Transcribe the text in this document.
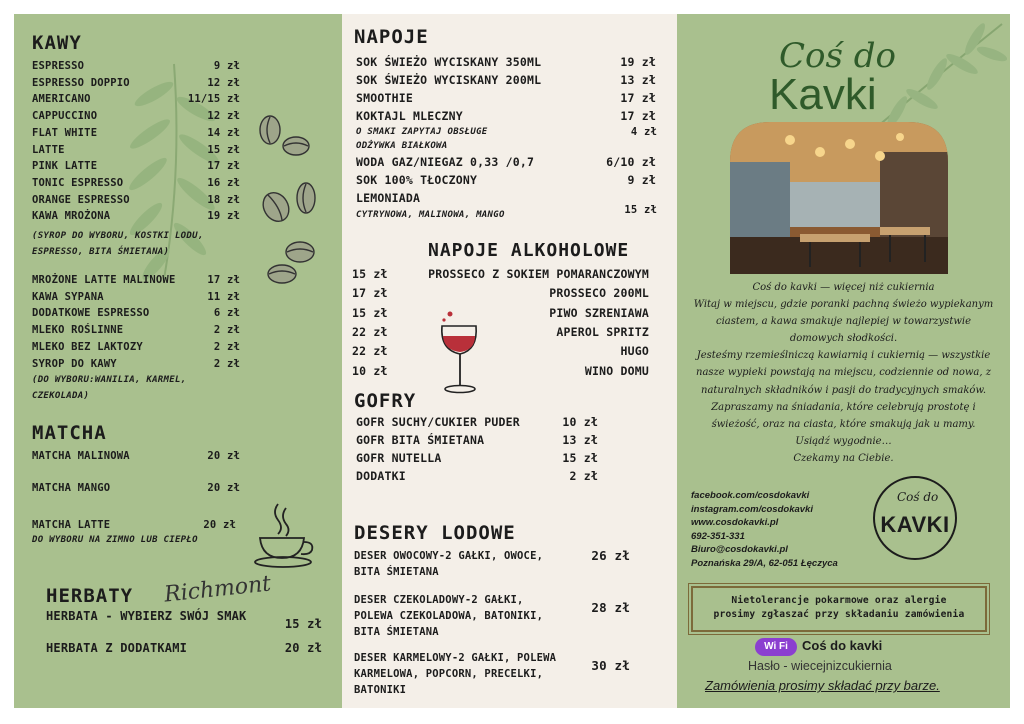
KAWY
(SYROP DO WYBORU, KOSTKI LODU, ESPRESSO, BITA ŚMIETANA)
(DO WYBORU:WANILIA, KARMEL, CZEKOLADA)
MATCHA
MATCHA MALINOWA	20 zł
MATCHA MANGO	20 zł
MATCHA LATTE	20 zł
DO WYBORU NA ZIMNO LUB CIEPŁO
Richmont
HERBATY
HERBATA - WYBIERZ SWÓJ SMAK
15 zł
HERBATA Z DODATKAMI	20 zł
ESPRESSO	9 zł
ESPRESSO DOPPIO	12 zł
AMERICANO	11/15 zł
CAPPUCCINO	12 zł
FLAT WHITE	14 zł
LATTE	15 zł
PINK LATTE	17 zł
TONIC ESPRESSO	16 zł
ORANGE ESPRESSO	18 zł
KAWA MROŻONA	19 zł
MROŻONE LATTE MALINOWE	17 zł
KAWA SYPANA	11 zł
DODATKOWE ESPRESSO	6 zł
MLEKO ROŚLINNE	2 zł
MLEKO BEZ LAKTOZY	2 zł
SYROP DO KAWY	2 zł
NAPOJE
O SMAKI ZAPYTAJ OBSŁUGE	4 zł
ODŻYWKA BIAŁKOWA
CYTRYNOWA, MALINOWA, MANGO	15 zł
NAPOJE ALKOHOLOWE
GOFRY
DESERY LODOWE
SOK ŚWIEŻO WYCISKANY 350ML	19 zł
SOK ŚWIEŻO WYCISKANY 200ML	13 zł
SMOOTHIE	17 zł
KOKTAJL MLECZNY	17 zł
WODA GAZ/NIEGAZ 0,33 /0,7	6/10 zł
SOK 100% TŁOCZONY	9 zł
LEMONIADA
15 zł	PROSSECO Z SOKIEM POMARANCZOWYM
17 zł	PROSSECO 200ML
15 zł	PIWO SZRENIAWA
22 zł	APEROL SPRITZ
22 zł	HUGO
10 zł	WINO DOMU
GOFR SUCHY/CUKIER PUDER	10 zł
GOFR BITA ŚMIETANA	13 zł
GOFR NUTELLA	15 zł
DODATKI	2 zł
DESER OWOCOWY-2 GAŁKI, OWOCE,
BITA ŚMIETANA
26 zł
DESER CZEKOLADOWY-2 GAŁKI,
POLEWA CZEKOLADOWA, BATONIKI,
BITA ŚMIETANA
28 zł
DESER KARMELOWY-2 GAŁKI, POLEWA
KARMELOWA, POPCORN, PRECELKI,
BATONIKI
30 zł
Coś do
Kavki
Coś do kavki — więcej niż cukiernia
Witaj w miejscu, gdzie poranki pachną świeżo wypiekanym
ciastem, a kawa smakuje najlepiej w towarzystwie
domowych słodkości.
Jesteśmy rzemieślniczą kawiarnią i cukiernią — wszystkie
nasze wypieki powstają na miejscu, codziennie od nowa, z
naturalnych składników i pasji do tradycyjnych smaków.
Zapraszamy na śniadania, które celebrują prostotę i
świeżość, oraz na ciasta, które smakują jak u mamy.
Usiądź wygodnie…
Czekamy na Ciebie.
facebook.com/cosdokavki
instagram.com/cosdokavki
www.cosdokavki.pl
692-351-331
Biuro@cosdokavki.pl
Poznańska 29/A, 62-051 Łęczyca
Coś do
KAVKI
Nietolerancje pokarmowe oraz alergie
prosimy zgłaszać przy składaniu zamówienia
Wi Fi	Coś do kavki
Hasło - wiecejnizcukiernia
Zamówienia prosimy składać przy barze.
